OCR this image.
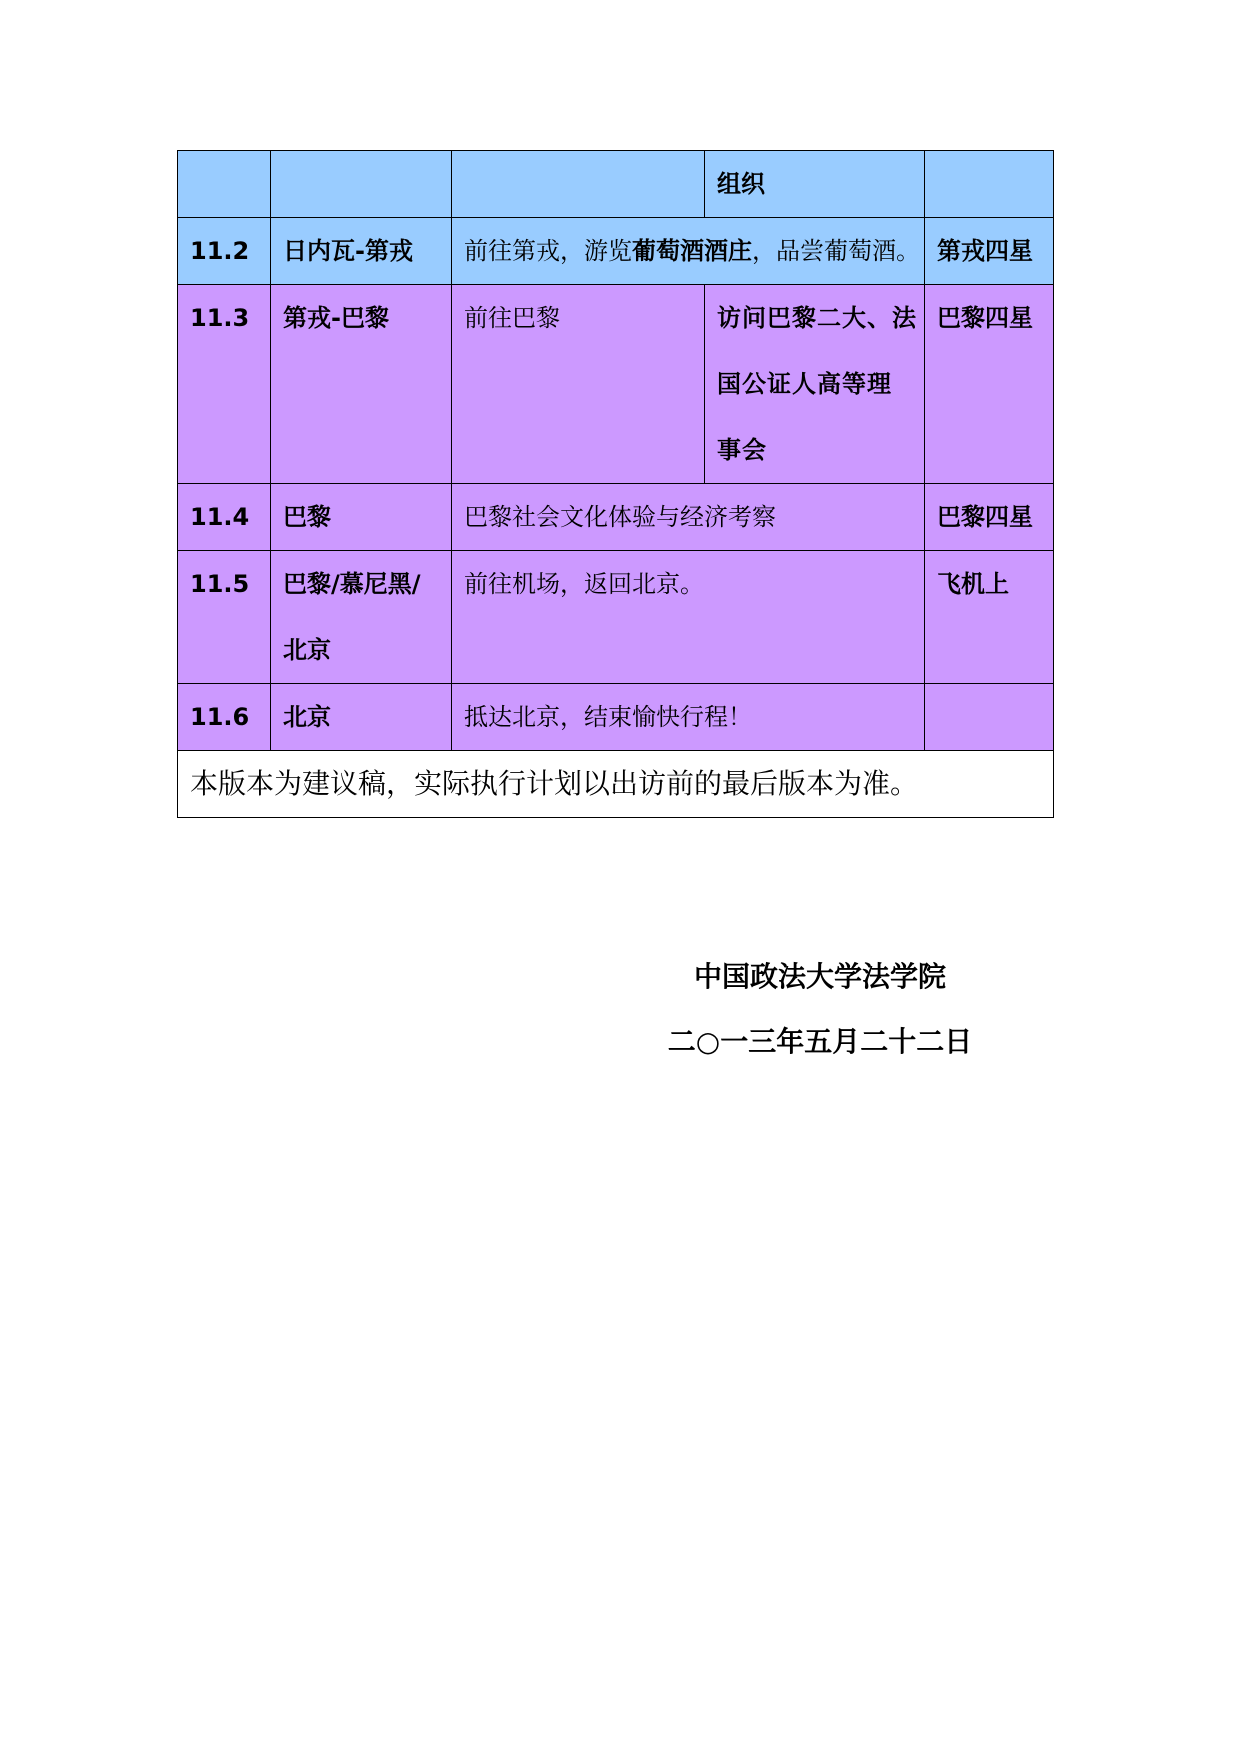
			组织	
11.2	日内瓦-第戎	前往第戎，游览葡萄酒酒庄，品尝葡萄酒。		第戎四星
11.3	第戎-巴黎	前往巴黎	访问巴黎二大、法
国公证人高等理
事会	巴黎四星
11.4	巴黎	巴黎社会文化体验与经济考察		巴黎四星
11.5	巴黎/慕尼黑/
北京	前往机场，返回北京。		飞机上
11.6	北京	抵达北京，结束愉快行程！		
本版本为建议稿，实际执行计划以出访前的最后版本为准。				
中国政法大学法学院
二○一三年五月二十二日
